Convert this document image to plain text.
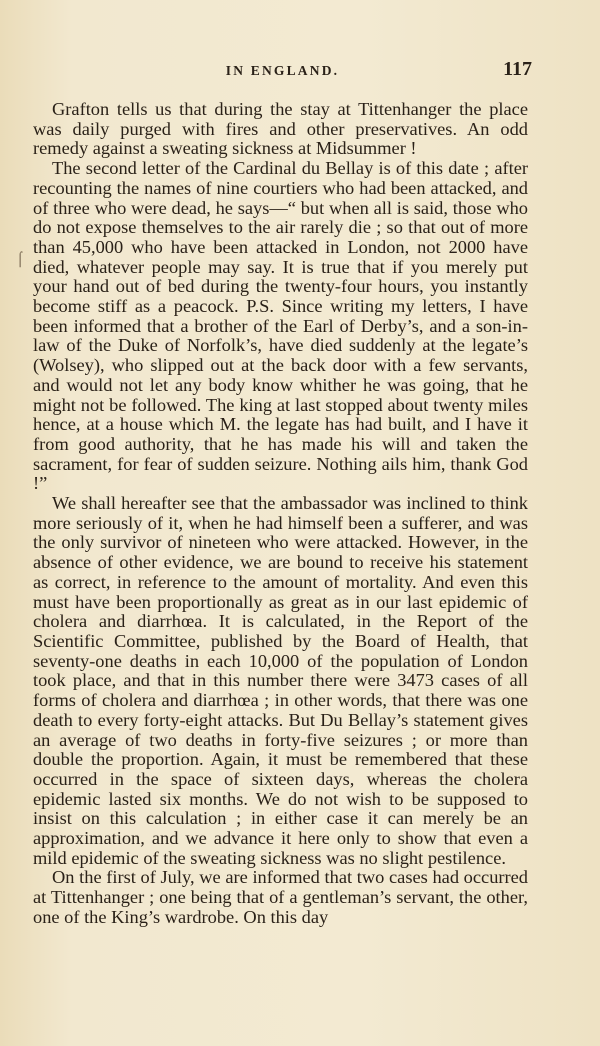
IN ENGLAND.	117
⌠

Grafton tells us that during the stay at Tittenhanger the place was daily purged with fires and other preservatives. An odd remedy against a sweating sickness at Midsummer !

The second letter of the Cardinal du Bellay is of this date ; after recounting the names of nine courtiers who had been attacked, and of three who were dead, he says—“ but when all is said, those who do not expose themselves to the air rarely die ; so that out of more than 45,000 who have been attacked in London, not 2000 have died, whatever people may say. It is true that if you merely put your hand out of bed during the twenty-four hours, you instantly become stiff as a peacock. P.S. Since writing my letters, I have been informed that a brother of the Earl of Derby’s, and a son-in-law of the Duke of Norfolk’s, have died suddenly at the legate’s (Wolsey), who slipped out at the back door with a few servants, and would not let any body know whither he was going, that he might not be followed. The king at last stopped about twenty miles hence, at a house which M. the legate has had built, and I have it from good authority, that he has made his will and taken the sacrament, for fear of sudden seizure. Nothing ails him, thank God !”

We shall hereafter see that the ambassador was inclined to think more seriously of it, when he had himself been a sufferer, and was the only survivor of nineteen who were attacked. However, in the absence of other evidence, we are bound to receive his statement as correct, in reference to the amount of mortality. And even this must have been proportionally as great as in our last epidemic of cholera and diarrhœa. It is calculated, in the Report of the Scientific Committee, published by the Board of Health, that seventy-one deaths in each 10,000 of the population of London took place, and that in this number there were 3473 cases of all forms of cholera and diarrhœa ; in other words, that there was one death to every forty-eight attacks. But Du Bellay’s statement gives an average of two deaths in forty-five seizures ; or more than double the proportion. Again, it must be remembered that these occurred in the space of sixteen days, whereas the cholera epidemic lasted six months. We do not wish to be supposed to insist on this calculation ; in either case it can merely be an approximation, and we advance it here only to show that even a mild epidemic of the sweating sickness was no slight pestilence.

On the first of July, we are informed that two cases had occurred at Tittenhanger ; one being that of a gentleman’s servant, the other, one of the King’s wardrobe. On this day
